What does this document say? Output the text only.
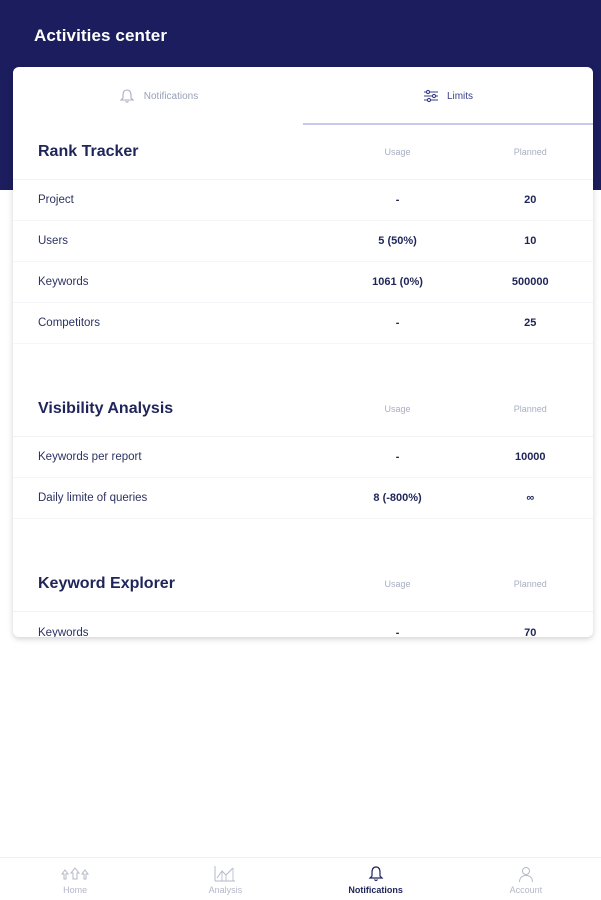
Activities center
Notifications	Limits
Rank Tracker	Usage	Planned
Project	-	20
Users	5 (50%)	10
Keywords	1061 (0%)	500000
Competitors	-	25
Visibility Analysis	Usage	Planned
Keywords per report	-	10000
Daily limite of queries	8 (-800%)	∞
Keyword Explorer	Usage	Planned
Keywords	-	70
Home	Analysis	Notifications	Account
